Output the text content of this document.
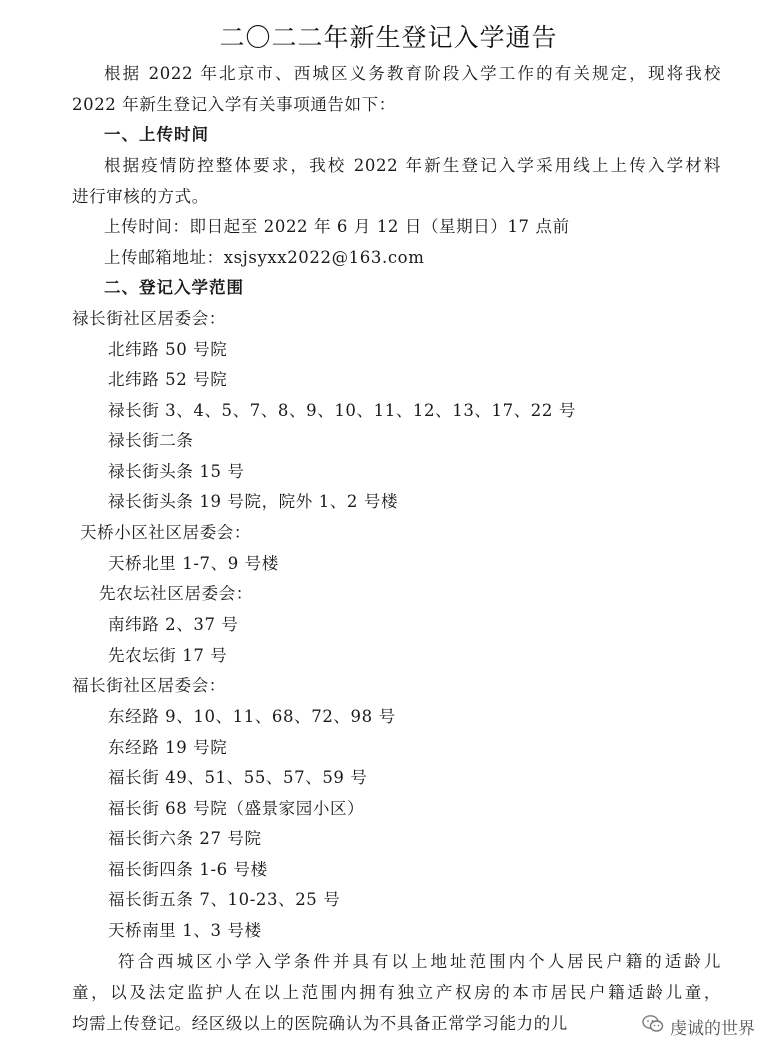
二〇二二年新生登记入学通告
根据 2022 年北京市、西城区义务教育阶段入学工作的有关规定，现将我校
2022 年新生登记入学有关事项通告如下：
一、上传时间
根据疫情防控整体要求，我校 2022 年新生登记入学采用线上上传入学材料
进行审核的方式。
上传时间：即日起至 2022 年 6 月 12 日（星期日）17 点前
上传邮箱地址：xsjsyxx2022@163.com
二、登记入学范围
禄长街社区居委会：
北纬路 50 号院
北纬路 52 号院
禄长街 3、4、5、7、8、9、10、11、12、13、17、22 号
禄长街二条
禄长街头条 15 号
禄长街头条 19 号院，院外 1、2 号楼
天桥小区社区居委会：
天桥北里 1-7、9 号楼
先农坛社区居委会：
南纬路 2、37 号
先农坛街 17 号
福长街社区居委会：
东经路 9、10、11、68、72、98 号
东经路 19 号院
福长街 49、51、55、57、59 号
福长街 68 号院（盛景家园小区）
福长街六条 27 号院
福长街四条 1-6 号楼
福长街五条 7、10-23、25 号
天桥南里 1、3 号楼
符合西城区小学入学条件并具有以上地址范围内个人居民户籍的适龄儿
童，以及法定监护人在以上范围内拥有独立产权房的本市居民户籍适龄儿童，
均需上传登记。经区级以上的医院确认为不具备正常学习能力的儿	虔诚的世界
